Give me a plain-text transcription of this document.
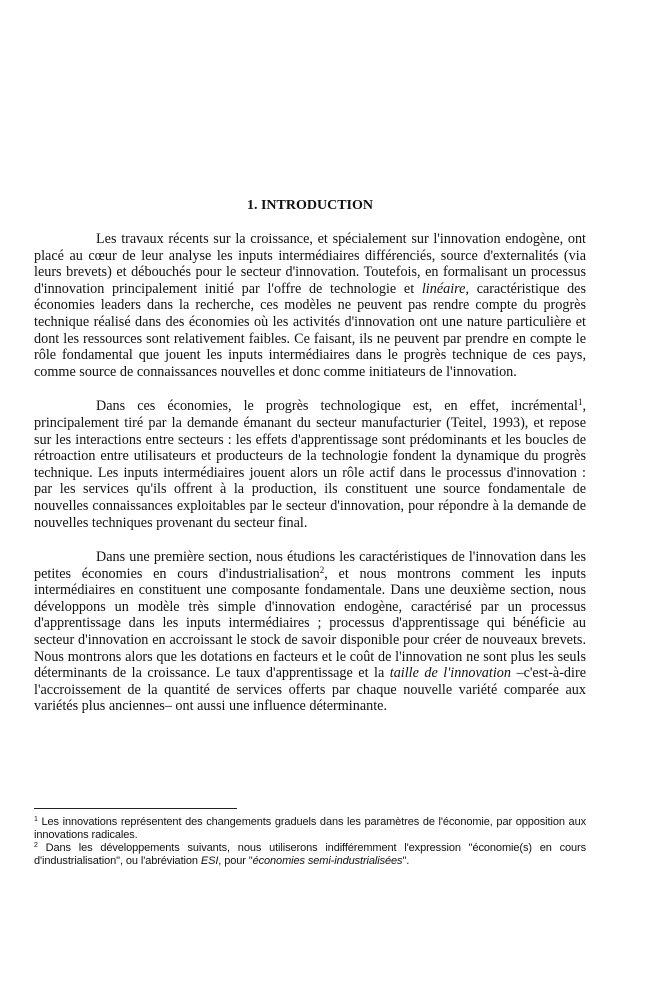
1. INTRODUCTION

Les travaux récents sur la croissance, et spécialement sur l'innovation endogène, ont placé au cœur de leur analyse les inputs intermédiaires différenciés, source d'externalités (via leurs brevets) et débouchés pour le secteur d'innovation. Toutefois, en formalisant un processus d'innovation principalement initié par l'offre de technologie et linéaire, caractéristique des économies leaders dans la recherche, ces modèles ne peuvent pas rendre compte du progrès technique réalisé dans des économies où les activités d'innovation ont une nature particulière et dont les ressources sont relativement faibles. Ce faisant, ils ne peuvent par prendre en compte le rôle fondamental que jouent les inputs intermédiaires dans le progrès technique de ces pays, comme source de connaissances nouvelles et donc comme initiateurs de l'innovation.

Dans ces économies, le progrès technologique est, en effet, incrémental$^1$, principalement tiré par la demande émanant du secteur manufacturier (Teitel, 1993), et repose sur les interactions entre secteurs : les effets d'apprentissage sont prédominants et les boucles de rétroaction entre utilisateurs et producteurs de la technologie fondent la dynamique du progrès technique. Les inputs intermédiaires jouent alors un rôle actif dans le processus d'innovation : par les services qu'ils offrent à la production, ils constituent une source fondamentale de nouvelles connaissances exploitables par le secteur d'innovation, pour répondre à la demande de nouvelles techniques provenant du secteur final.

Dans une première section, nous étudions les caractéristiques de l'innovation dans les petites économies en cours d'industrialisation$^2$, et nous montrons comment les inputs intermédiaires en constituent une composante fondamentale. Dans une deuxième section, nous développons un modèle très simple d'innovation endogène, caractérisé par un processus d'apprentissage dans les inputs intermédiaires ; processus d'apprentissage qui bénéficie au secteur d'innovation en accroissant le stock de savoir disponible pour créer de nouveaux brevets. Nous montrons alors que les dotations en facteurs et le coût de l'innovation ne sont plus les seuls déterminants de la croissance. Le taux d'apprentissage et la taille de l'innovation –c'est-à-dire l'accroissement de la quantité de services offerts par chaque nouvelle variété comparée aux variétés plus anciennes– ont aussi une influence déterminante.

$^1$ Les innovations représentent des changements graduels dans les paramètres de l'économie, par opposition aux innovations radicales.

$^2$ Dans les développements suivants, nous utiliserons indifféremment l'expression "économie(s) en cours d'industrialisation", ou l'abréviation ESI, pour "économies semi-industrialisées".
